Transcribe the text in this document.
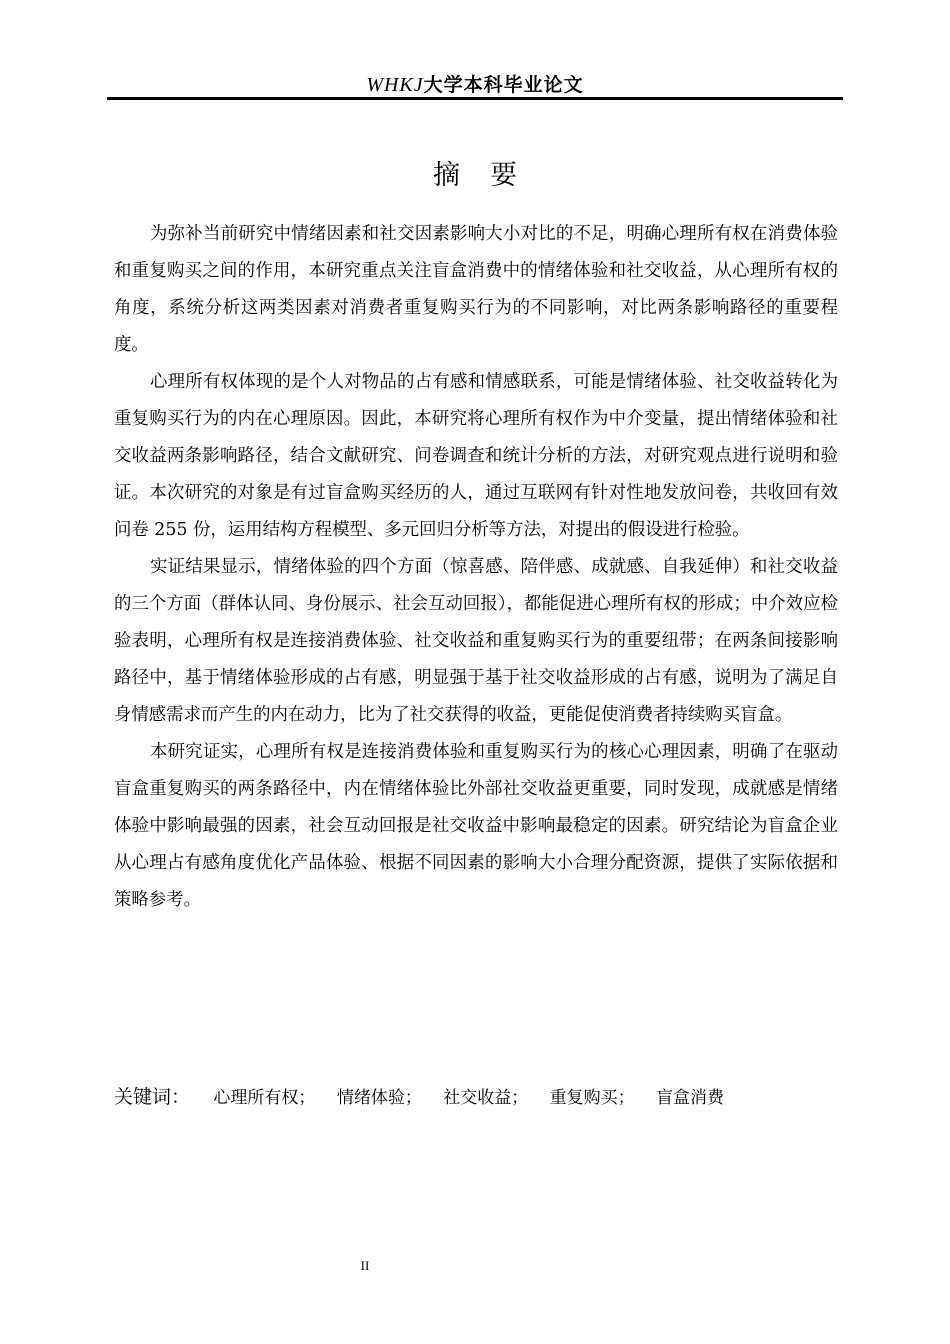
WHKJ大学本科毕业论文
摘要

为弥补当前研究中情绪因素和社交因素影响大小对比的不足，明确心理所有权在消费体验和重复购买之间的作用，本研究重点关注盲盒消费中的情绪体验和社交收益，从心理所有权的角度，系统分析这两类因素对消费者重复购买行为的不同影响，对比两条影响路径的重要程度。

心理所有权体现的是个人对物品的占有感和情感联系，可能是情绪体验、社交收益转化为重复购买行为的内在心理原因。因此，本研究将心理所有权作为中介变量，提出情绪体验和社交收益两条影响路径，结合文献研究、问卷调查和统计分析的方法，对研究观点进行说明和验证。本次研究的对象是有过盲盒购买经历的人，通过互联网有针对性地发放问卷，共收回有效问卷 255 份，运用结构方程模型、多元回归分析等方法，对提出的假设进行检验。

实证结果显示，情绪体验的四个方面（惊喜感、陪伴感、成就感、自我延伸）和社交收益的三个方面（群体认同、身份展示、社会互动回报），都能促进心理所有权的形成；中介效应检验表明，心理所有权是连接消费体验、社交收益和重复购买行为的重要纽带；在两条间接影响路径中，基于情绪体验形成的占有感，明显强于基于社交收益形成的占有感，说明为了满足自身情感需求而产生的内在动力，比为了社交获得的收益，更能促使消费者持续购买盲盒。

本研究证实，心理所有权是连接消费体验和重复购买行为的核心心理因素，明确了在驱动盲盒重复购买的两条路径中，内在情绪体验比外部社交收益更重要，同时发现，成就感是情绪体验中影响最强的因素，社会互动回报是社交收益中影响最稳定的因素。研究结论为盲盒企业从心理占有感角度优化产品体验、根据不同因素的影响大小合理分配资源，提供了实际依据和策略参考。

关键词： 心理所有权； 情绪体验； 社交收益； 重复购买； 盲盒消费
II
